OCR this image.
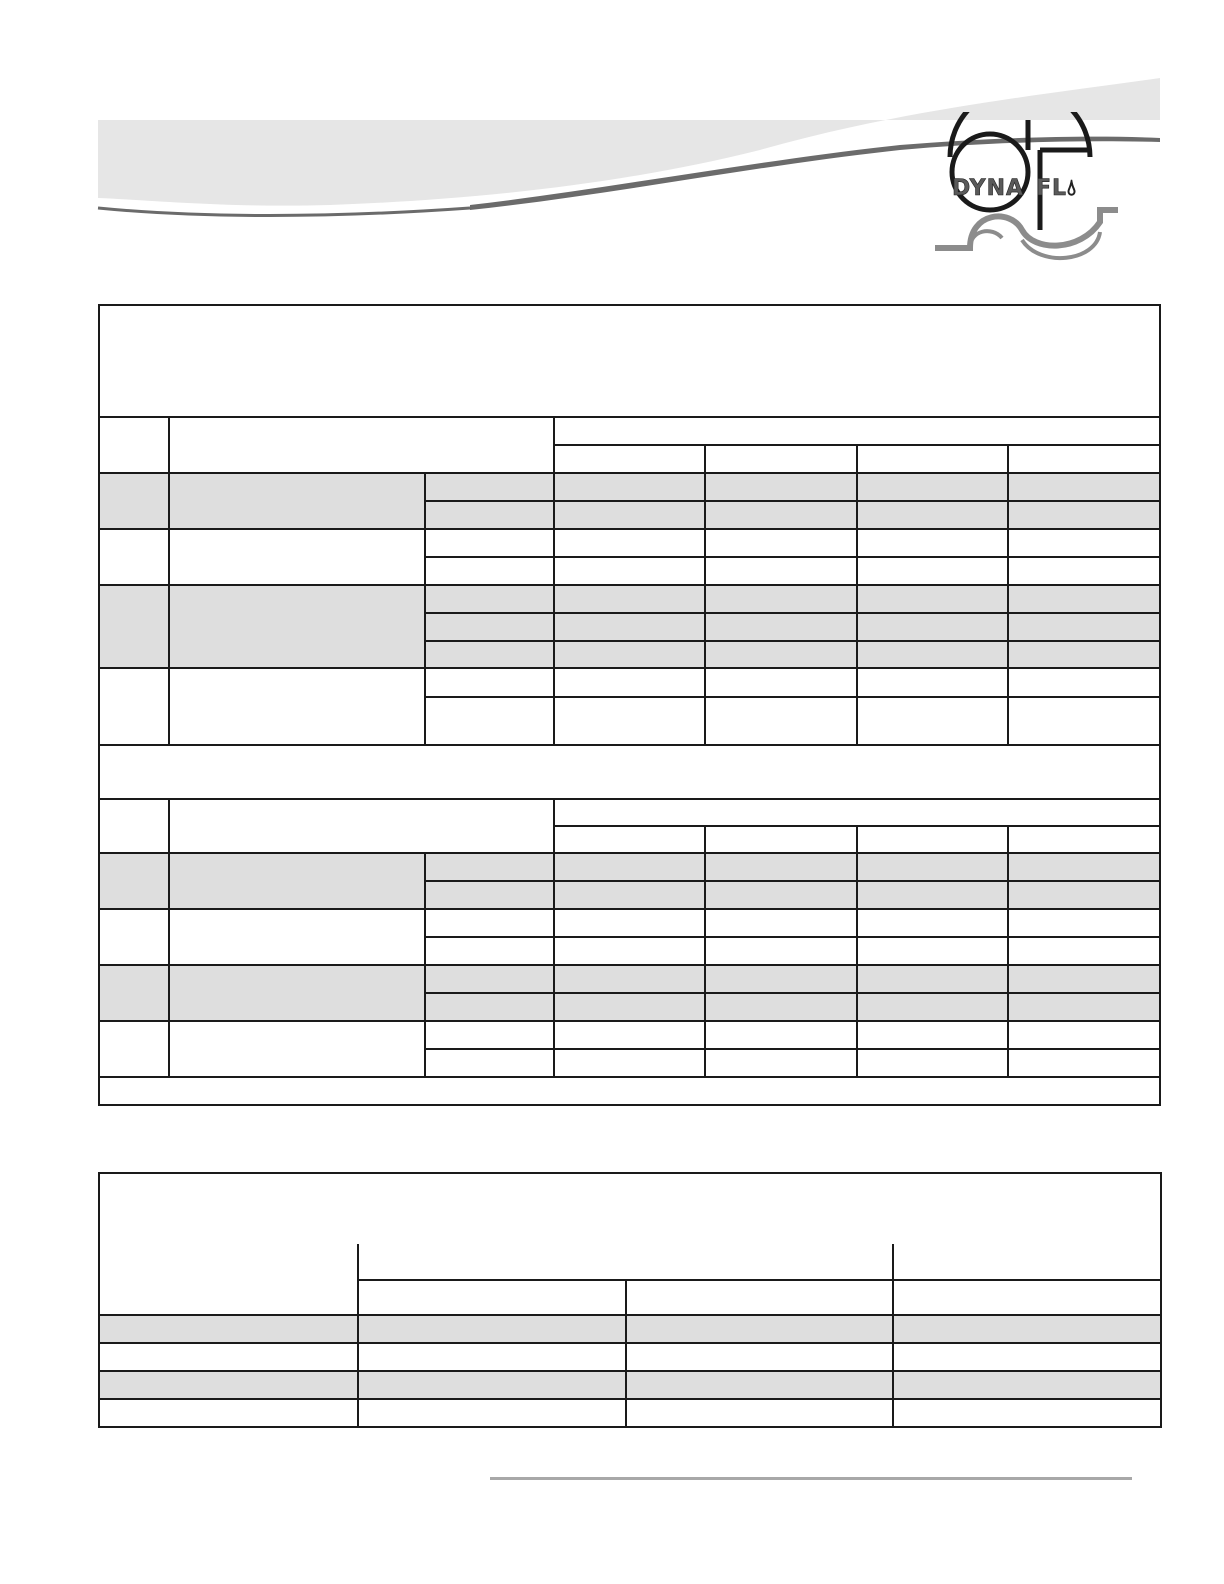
DYNA FL💧︎
